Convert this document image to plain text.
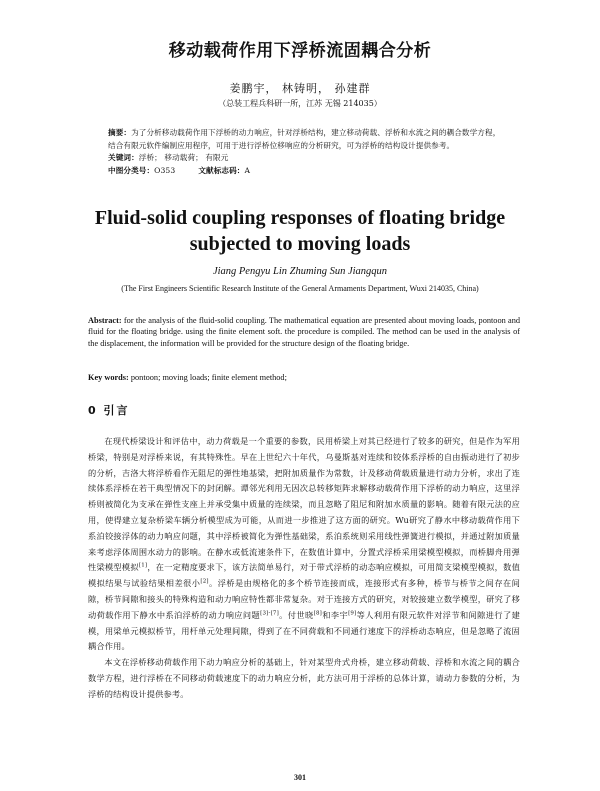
移动载荷作用下浮桥流固耦合分析
姜鹏宇， 林铸明， 孙建群
（总装工程兵科研一所，江苏 无锡 214035）
摘要：为了分析移动载荷作用下浮桥的动力响应，针对浮桥结构，建立移动荷载、浮桥和水流之间的耦合数学方程，结合有限元软件编制应用程序，可用于进行浮桥位移响应的分析研究，可为浮桥的结构设计提供参考。
关键词：浮桥； 移动载荷； 有限元
中图分类号：O353	文献标志码：A
Fluid-solid coupling responses of floating bridge
subjected to moving loads
Jiang Pengyu Lin Zhuming Sun Jiangqun
(The First Engineers Scientific Research Institute of the General Armaments Department, Wuxi 214035, China)
Abstract: for the analysis of the fluid-solid coupling. The mathematical equation are presented about moving loads, pontoon and fluid for the floating bridge. using the finite element soft. the procedure is compiled. The method can be used in the analysis of the displacement, the information will be provided for the structure design of the floating bridge.
Key words: pontoon; moving loads; finite element method;
0 引言

在现代桥梁设计和评估中，动力荷载是一个重要的参数，民用桥梁上对其已经进行了较多的研究，但是作为军用桥梁，特别是对浮桥来说，有其特殊性。早在上世纪六十年代，乌曼斯基对连续和铰体系浮桥的自由振动进行了初步的分析，吉洛大将浮桥看作无阻尼的弹性地基梁，把附加质量作为常数，计及移动荷载质量进行动力分析，求出了连续体系浮桥在若干典型情况下的封闭解。谭邻光利用无因次总转移矩阵求解移动载荷作用下浮桥的动力响应，这里浮桥则被简化为支承在弹性支座上并承受集中质量的连续梁，而且忽略了阻尼和附加水质量的影响。随着有限元法的应用，使得建立复杂桥梁车辆分析模型成为可能，从而进一步推进了这方面的研究。Wu研究了静水中移动载荷作用下系泊铰接浮体的动力响应问题，其中浮桥被简化为弹性基础梁，系泊系统则采用线性弹簧进行模拟，并通过附加质量来考虑浮体周围水动力的影响。在静水或低流速条件下，在数值计算中，分置式浮桥采用梁模型模拟，而桥脚舟用弹性梁模型模拟[1]，在一定精度要求下，该方法简单易行，对于带式浮桥的动态响应模拟，可用简支梁模型模拟，数值模拟结果与试验结果相差很小[2]。浮桥是由规格化的多个桥节连接而成，连接形式有多种，桥节与桥节之间存在间隙，桥节间隙和接头的特殊构造和动力响应特性都非常复杂。对于连接方式的研究，对较接建立数学模型，研究了移动荷载作用下静水中系泊浮桥的动力响应问题[3]-[7]。付世晓[8]和李宇[9]等人利用有限元软件对浮节和间隙进行了建模，用梁单元模拟桥节，用杆单元处理间隙，得到了在不同荷载和不同通行速度下的浮桥动态响应，但是忽略了流固耦合作用。

本文在浮桥移动荷载作用下动力响应分析的基础上，针对某型舟式舟桥，建立移动荷载、浮桥和水流之间的耦合数学方程，进行浮桥在不同移动荷载速度下的动力响应分析，此方法可用于浮桥的总体计算，请动力参数的分析，为浮桥的结构设计提供参考。

301
